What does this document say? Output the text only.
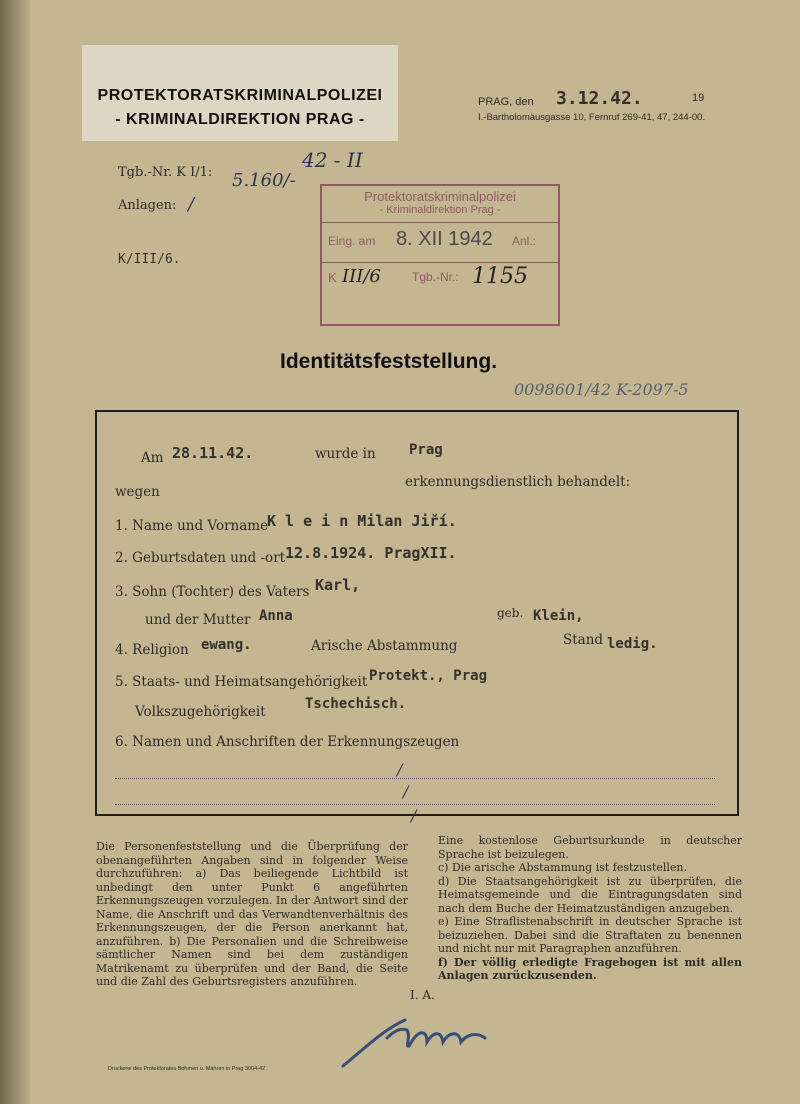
PROTEKTORATSKRIMINALPOLIZEI
- KRIMINALDIREKTION PRAG -
PRAG, den 3.12.42.	19
I.-Bartholomäusgasse 10, Fernruf 269-41, 47, 244-00.
Tgb.-Nr. K I/1:
42 - II
5.160/-
Anlagen: /
K/III/6.
Protektoratskriminalpolizei
- Kriminaldirektion Prag -
Eing. am 8. XII 1942 Anl.:
K III/6	Tgb.-Nr.: 1155
Identitätsfeststellung.
0098601/42 K-2097-5
Am 28.11.42.	wurde in Prag
wegen
erkennungsdienstlich behandelt:
1. Name und Vorname
K l e i n Milan Jiří.
2. Geburtsdaten und -ort 12.8.1924. PragXII.
3. Sohn (Tochter) des Vaters Karl,
und der Mutter Anna	geb. Klein,
4. Religion ewang.	Arische Abstammung	Stand ledig.
5. Staats- und Heimatsangehörigkeit Protekt., Prag
Volkszugehörigkeit	Tschechisch.
6. Namen und Anschriften der Erkennungszeugen
/
/
/
Die Personenfeststellung und die Überprüfung der obenangeführten Angaben sind in folgender Weise durchzuführen: a) Das beiliegende Lichtbild ist unbedingt den unter Punkt 6 angeführten Erkennungszeugen vorzulegen. In der Antwort sind der Name, die Anschrift und das Verwandtenverhältnis des Erkennungszeugen, der die Person anerkannt hat, anzuführen. b) Die Personalien und die Schreibweise sämtlicher Namen sind bei dem zuständigen Matrikenamt zu überprüfen und der Band, die Seite und die Zahl des Geburtsregisters anzuführen.
Eine kostenlose Geburtsurkunde in deutscher Sprache ist beizulegen.
c) Die arische Abstammung ist festzustellen.
d) Die Staatsangehörigkeit ist zu überprüfen, die Heimatsgemeinde und die Eintragungsdaten sind nach dem Buche der Heimatzuständigen anzugeben.
e) Eine Straflistenabschrift in deutscher Sprache ist beizuziehen. Dabei sind die Straftaten zu benennen und nicht nur mit Paragraphen anzuführen.
f) Der völlig erledigte Fragebogen ist mit allen Anlagen zurückzusenden.
I. A.
Druckerei des Protektorates Böhmen u. Mähren in Prag 3004-42
